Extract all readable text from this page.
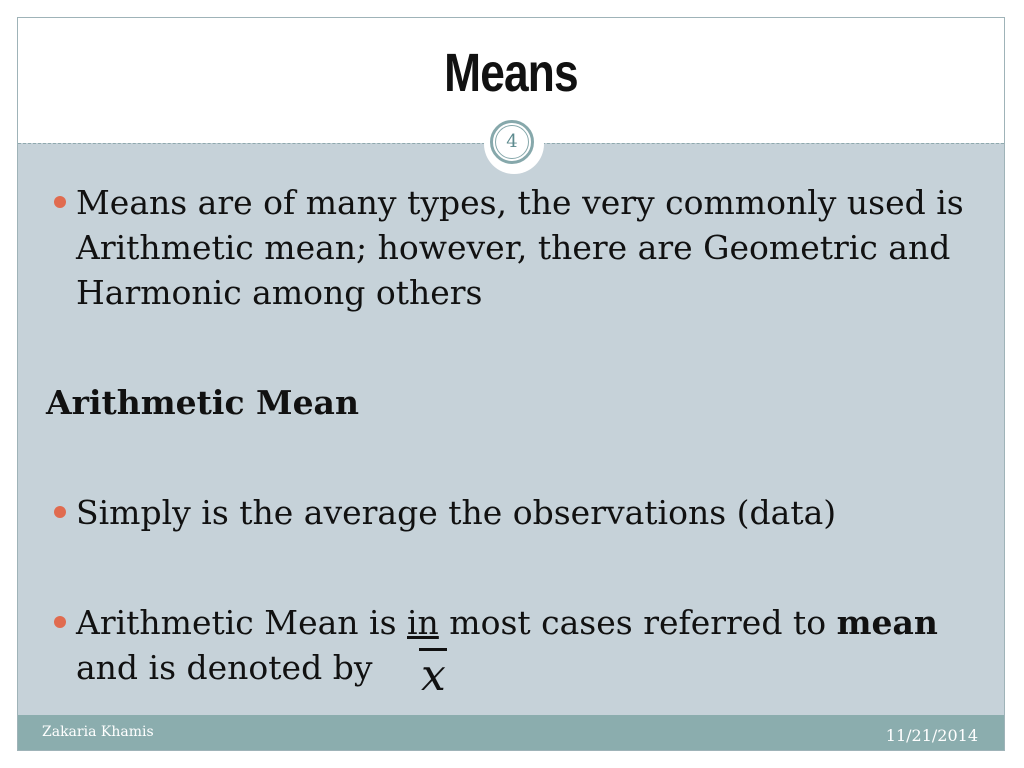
Means
4
Means are of many types, the very commonly used is Arithmetic mean; however, there are Geometric and Harmonic among others
Arithmetic Mean
Simply is the average the observations (data)
Arithmetic Mean is in most cases referred to mean
and is denoted by	x
Zakaria Khamis	11/21/2014
